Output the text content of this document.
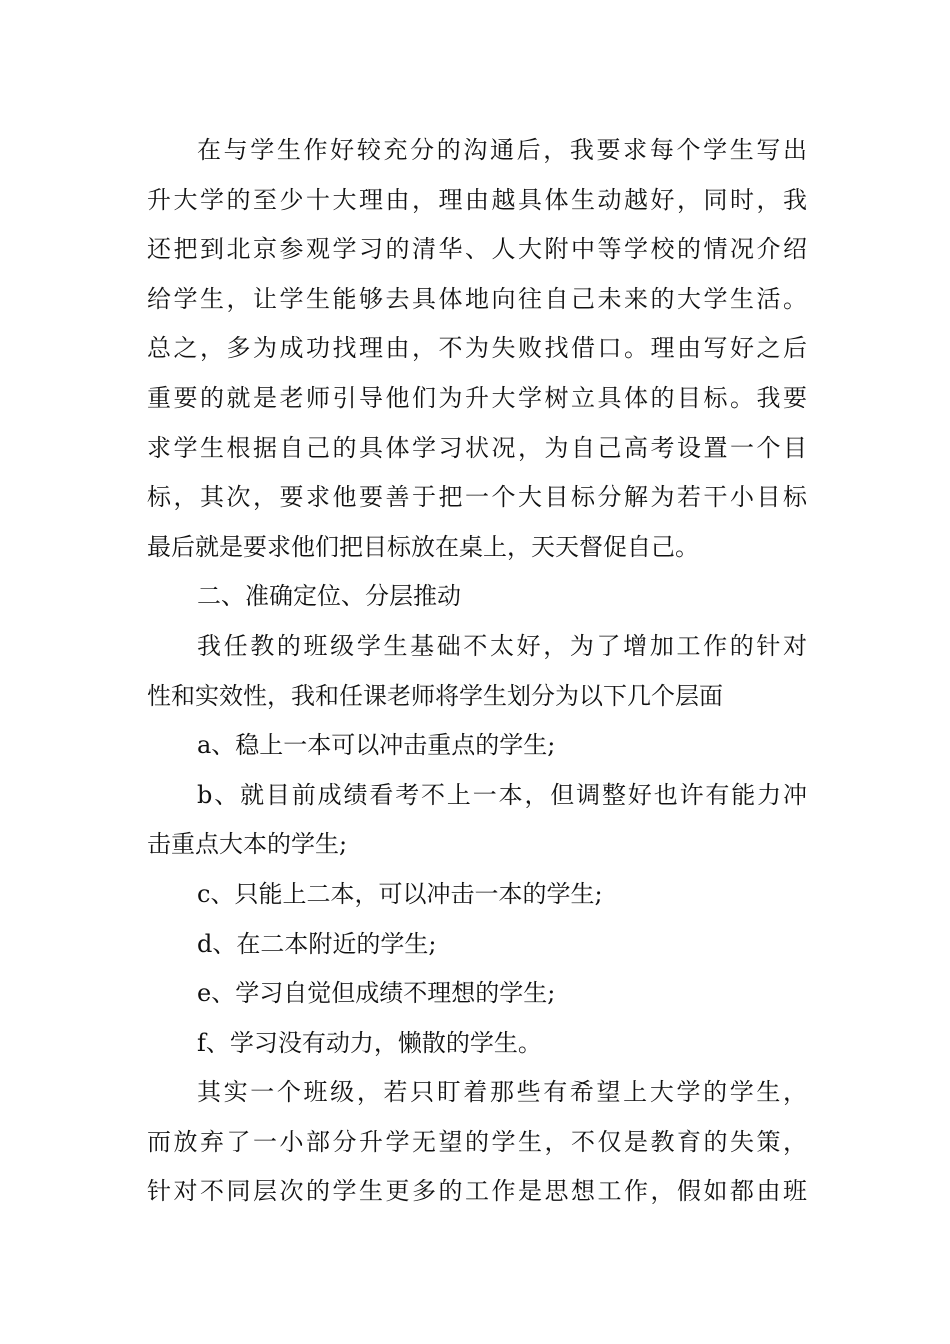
在与学生作好较充分的沟通后，我要求每个学生写出
升大学的至少十大理由，理由越具体生动越好，同时，我
还把到北京参观学习的清华、人大附中等学校的情况介绍
给学生，让学生能够去具体地向往自己未来的大学生活。
总之，多为成功找理由，不为失败找借口。理由写好之后
重要的就是老师引导他们为升大学树立具体的目标。我要
求学生根据自己的具体学习状况，为自己高考设置一个目
标，其次，要求他要善于把一个大目标分解为若干小目标
最后就是要求他们把目标放在桌上，天天督促自己。
二、准确定位、分层推动
我任教的班级学生基础不太好，为了增加工作的针对
性和实效性，我和任课老师将学生划分为以下几个层面
a、稳上一本可以冲击重点的学生;
b、就目前成绩看考不上一本，但调整好也许有能力冲
击重点大本的学生;
c、只能上二本，可以冲击一本的学生;
d、在二本附近的学生;
e、学习自觉但成绩不理想的学生;
f、学习没有动力，懒散的学生。
其实一个班级，若只盯着那些有希望上大学的学生，
而放弃了一小部分升学无望的学生，不仅是教育的失策，
针对不同层次的学生更多的工作是思想工作，假如都由班
